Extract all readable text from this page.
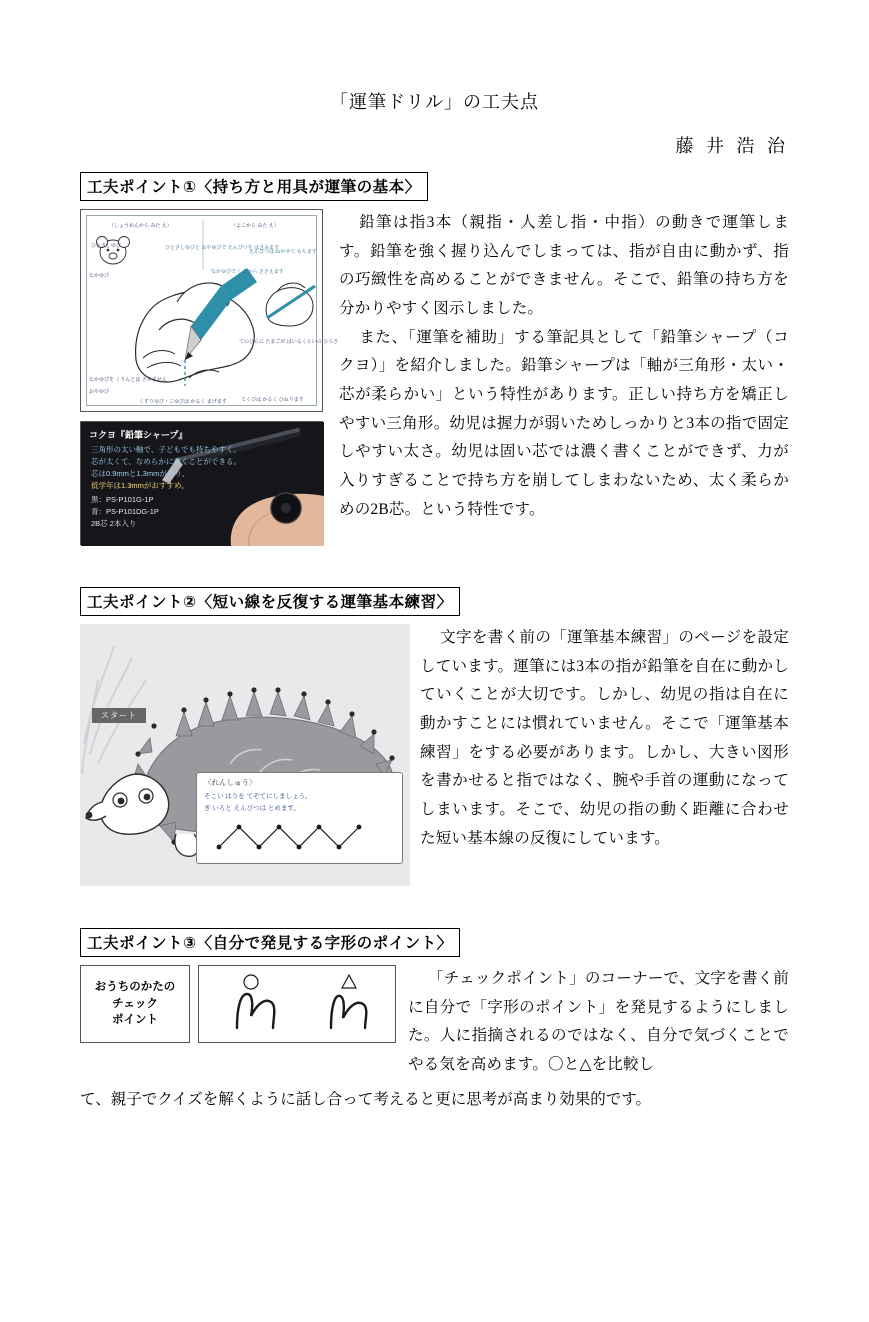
「運筆ドリル」の工夫点
藤 井 浩 治
工夫ポイント①〈持ち方と用具が運筆の基本〉
（しょうめんから みた え）	（よこから みた え）
ひとさしゆび
なかゆび
おやゆび
ひとさしゆびと おやゆびで えんぴつを はさみます
なかゆびで したから ささえます
なかゆびを くりんとは させません
えんぴつは ねかせて もちます
てのひらに たまごが はいるくらいの ひろさ
くすりゆび・こゆびは かるく まげます	てくびは かるく ひねります
コクヨ『鉛筆シャープ』
三角形の太い軸で、子どもでも持ちやすく、
芯が太くて、なめらかに書くことができる。
芯は0.9mmと1.3mmがあり、
低学年は1.3mmがおすすめ。
黒：PS-P101G-1P
青：PS-P101DG-1P
2B芯 2本入り

鉛筆は指3本（親指・人差し指・中指）の動きで運筆します。鉛筆を強く握り込んでしまっては、指が自由に動かず、指の巧緻性を高めることができません。そこで、鉛筆の持ち方を分かりやすく図示しました。

また、「運筆を補助」する筆記具として「鉛筆シャープ（コクヨ）」を紹介しました。鉛筆シャープは「軸が三角形・太い・芯が柔らかい」という特性があります。正しい持ち方を矯正しやすい三角形。幼児は握力が弱いためしっかりと3本の指で固定しやすい太さ。幼児は固い芯では濃く書くことができず、力が入りすぎることで持ち方を崩してしまわないため、太く柔らかめの2B芯。という特性です。

工夫ポイント②〈短い線を反復する運筆基本練習〉
スタート
〈れんしゅう〉
そこい はりを てぞてにしましょう。
ぎ いろと えんぴつは とめます。

文字を書く前の「運筆基本練習」のページを設定しています。運筆には3本の指が鉛筆を自在に動かしていくことが大切です。しかし、幼児の指は自在に動かすことには慣れていません。そこで「運筆基本練習」をする必要があります。しかし、大きい図形を書かせると指ではなく、腕や手首の運動になってしまいます。そこで、幼児の指の動く距離に合わせた短い基本線の反復にしています。

工夫ポイント③〈自分で発見する字形のポイント〉
おうちのかたの
チェック
ポイント

「チェックポイント」のコーナーで、文字を書く前に自分で「字形のポイント」を発見するようにしました。人に指摘されるのではなく、自分で気づくことでやる気を高めます。〇と△を比較し

て、親子でクイズを解くように話し合って考えると更に思考が高まり効果的です。
